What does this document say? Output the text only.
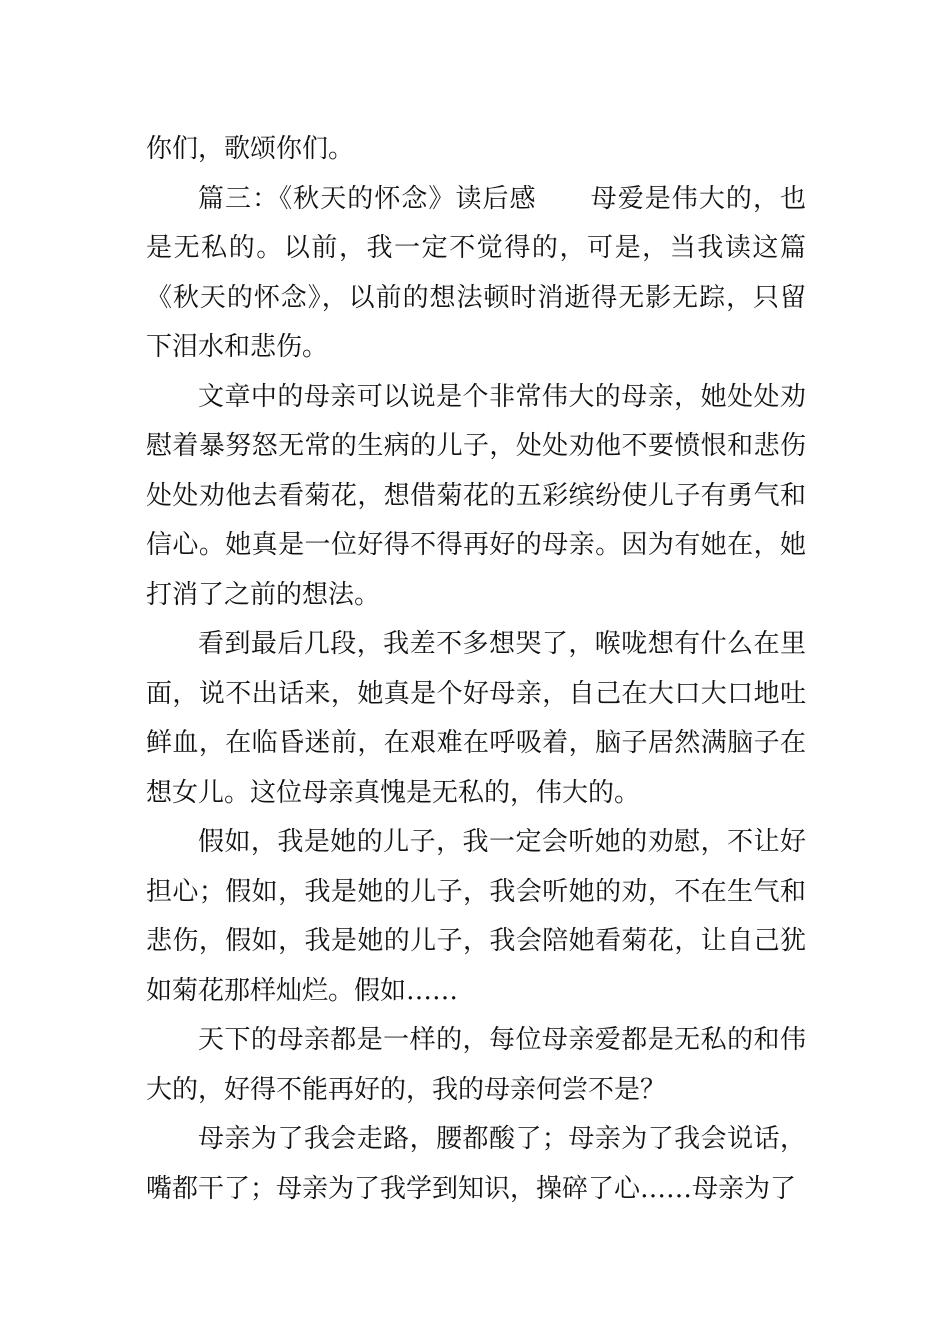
你们，歌颂你们。

篇三：《秋天的怀念》读后感　　母爱是伟大的，也是无私的。以前，我一定不觉得的，可是，当我读这篇《秋天的怀念》，以前的想法顿时消逝得无影无踪，只留下泪水和悲伤。

文章中的母亲可以说是个非常伟大的母亲，她处处劝慰着暴努怒无常的生病的儿子，处处劝他不要愤恨和悲伤处处劝他去看菊花，想借菊花的五彩缤纷使儿子有勇气和信心。她真是一位好得不得再好的母亲。因为有她在，她打消了之前的想法。

看到最后几段，我差不多想哭了，喉咙想有什么在里面，说不出话来，她真是个好母亲，自己在大口大口地吐鲜血，在临昏迷前，在艰难在呼吸着，脑子居然满脑子在想女儿。这位母亲真愧是无私的，伟大的。

假如，我是她的儿子，我一定会听她的劝慰，不让好担心；假如，我是她的儿子，我会听她的劝，不在生气和悲伤，假如，我是她的儿子，我会陪她看菊花，让自己犹如菊花那样灿烂。假如……

天下的母亲都是一样的，每位母亲爱都是无私的和伟大的，好得不能再好的，我的母亲何尝不是？

母亲为了我会走路，腰都酸了；母亲为了我会说话，嘴都干了；母亲为了我学到知识，操碎了心……母亲为了
